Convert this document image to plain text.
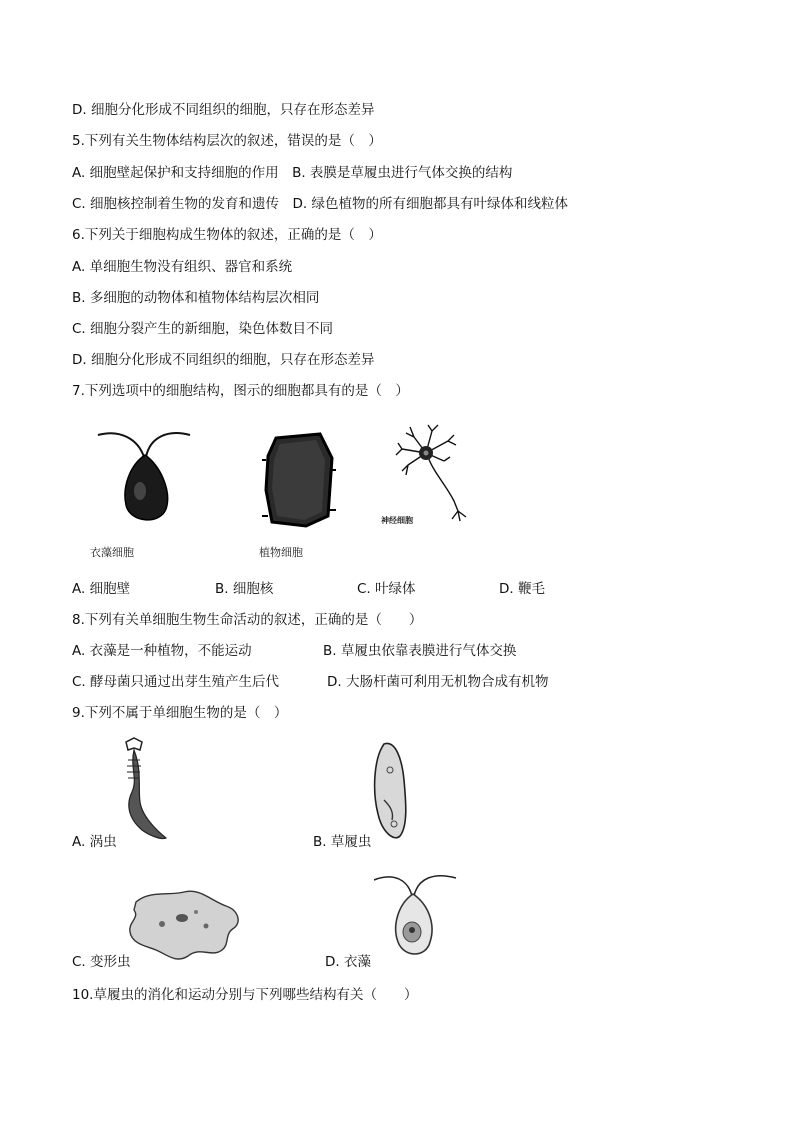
D. 细胞分化形成不同组织的细胞，只存在形态差异
5.下列有关生物体结构层次的叙述，错误的是（　）
A. 细胞壁起保护和支持细胞的作用　B. 表膜是草履虫进行气体交换的结构
C. 细胞核控制着生物的发育和遗传　D. 绿色植物的所有细胞都具有叶绿体和线粒体
6.下列关于细胞构成生物体的叙述，正确的是（　）
A. 单细胞生物没有组织、器官和系统
B. 多细胞的动物体和植物体结构层次相同
C. 细胞分裂产生的新细胞，染色体数目不同
D. 细胞分化形成不同组织的细胞，只存在形态差异
7.下列选项中的细胞结构，图示的细胞都具有的是（　）
衣藻细胞	植物细胞
神经细胞
A. 细胞壁	B. 细胞核	C. 叶绿体	D. 鞭毛
8.下列有关单细胞生物生命活动的叙述，正确的是（　　）
A. 衣藻是一种植物，不能运动	B. 草履虫依靠表膜进行气体交换
C. 酵母菌只通过出芽生殖产生后代	D. 大肠杆菌可利用无机物合成有机物
9.下列不属于单细胞生物的是（　）
A. 涡虫	B. 草履虫
C. 变形虫	D. 衣藻
10.草履虫的消化和运动分别与下列哪些结构有关（　　）
